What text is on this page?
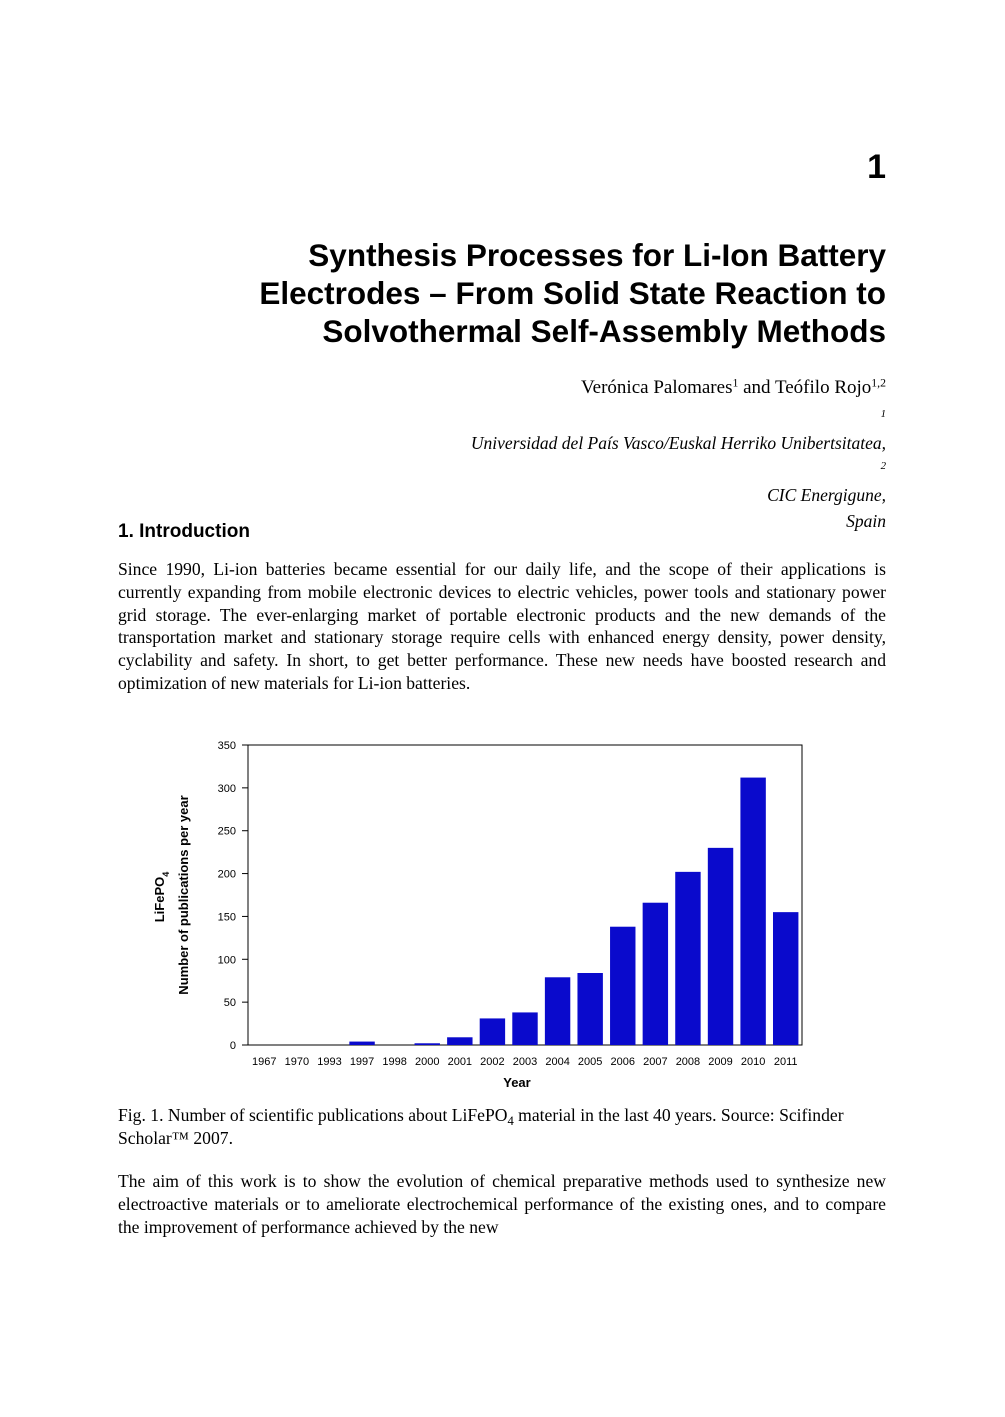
1
Synthesis Processes for Li-Ion Battery
Electrodes – From Solid State Reaction to
Solvothermal Self-Assembly Methods
Verónica Palomares$^1$ and Teófilo Rojo$^{1,2}$
$^1$
Universidad del País Vasco/Euskal Herriko Unibertsitatea,
$^2$
CIC Energigune,
Spain
1. Introduction

Since 1990, Li-ion batteries became essential for our daily life, and the scope of their applications is currently expanding from mobile electronic devices to electric vehicles, power tools and stationary power grid storage. The ever-enlarging market of portable electronic products and the new demands of the transportation market and stationary storage require cells with enhanced energy density, power density, cyclability and safety. In short, to get better performance. These new needs have boosted research and optimization of new materials for Li-ion batteries.

0
50
100
150
200
250
300
350
1967 1970 1993 1997 1998 2000 2001 2002 2003 2004 2005 2006 2007 2008 2009 2010 2011
Year
LiFePO$_4$ Number of publications per year

Fig. 1. Number of scientific publications about LiFePO$_4$ material in the last 40 years. Source: Scifinder Scholar™ 2007.

The aim of this work is to show the evolution of chemical preparative methods used to synthesize new electroactive materials or to ameliorate electrochemical performance of the existing ones, and to compare the improvement of performance achieved by the new
